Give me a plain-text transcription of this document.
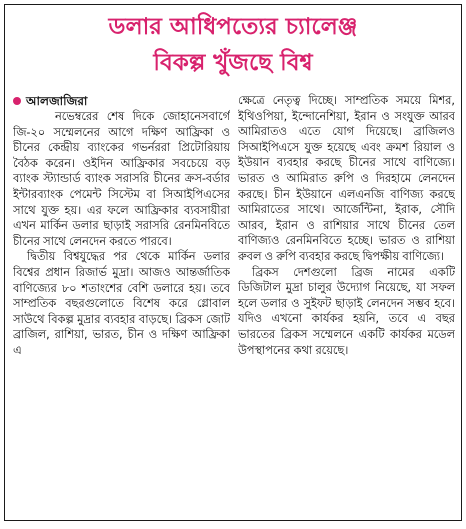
ডলার আধিপত্যের চ্যালেঞ্জ
বিকল্প খুঁজছে বিশ্ব
আলজাজিরা

নভেম্বরের শেষ দিকে জোহানেসবার্গে জি-২০ সম্মেলনের আগে দক্ষিণ আফ্রিকা ও চীনের কেন্দ্রীয় ব্যাংকের গভর্নররা প্রিটোরিয়ায় বৈঠক করেন। ওইদিন আফ্রিকার সবচেয়ে বড় ব্যাংক স্ট্যান্ডার্ড ব্যাংক সরাসরি চীনের ক্রস-বর্ডার ইন্টারব্যাংক পেমেন্ট সিস্টেম বা সিআইপিএসের সাথে যুক্ত হয়। এর ফলে আফ্রিকার ব্যবসায়ীরা এখন মার্কিন ডলার ছাড়াই সরাসরি রেনমিনবিতে চীনের সাথে লেনদেন করতে পারবে।

দ্বিতীয় বিশ্বযুদ্ধের পর থেকে মার্কিন ডলার বিশ্বের প্রধান রিজার্ভ মুদ্রা। আজও আন্তর্জাতিক বাণিজ্যের ৮০ শতাংশের বেশি ডলারে হয়। তবে সাম্প্রতিক বছরগুলোতে বিশেষ করে গ্লোবাল সাউথে বিকল্প মুদ্রার ব্যবহার বাড়ছে। ব্রিকস জোট ব্রাজিল, রাশিয়া, ভারত, চীন ও দক্ষিণ আফ্রিকা এ

ক্ষেত্রে নেতৃত্ব দিচ্ছে। সাম্প্রতিক সময়ে মিশর, ইথিওপিয়া, ইন্দোনেশিয়া, ইরান ও সংযুক্ত আরব আমিরাতও এতে যোগ দিয়েছে। ব্রাজিলও সিআইপিএসে যুক্ত হয়েছে এবং ক্রমশ রিয়াল ও ইউয়ান ব্যবহার করছে চীনের সাথে বাণিজ্যে। ভারত ও আমিরাত রুপি ও দিরহামে লেনদেন করছে। চীন ইউয়ানে এলএনজি বাণিজ্য করছে আমিরাতের সাথে। আর্জেন্টিনা, ইরাক, সৌদি আরব, ইরান ও রাশিয়ার সাথে চীনের তেল বাণিজ্যও রেনমিনবিতে হচ্ছে। ভারত ও রাশিয়া রুবল ও রুপি ব্যবহার করছে দ্বিপক্ষীয় বাণিজ্যে।

ব্রিকস দেশগুলো ব্রিজ নামের একটি ডিজিটাল মুদ্রা চালুর উদ্যোগ নিয়েছে, যা সফল হলে ডলার ও সুইফট ছাড়াই লেনদেন সম্ভব হবে। যদিও এখনো কার্যকর হয়নি, তবে এ বছর ভারতের ব্রিকস সম্মেলনে একটি কার্যকর মডেল উপস্থাপনের কথা রয়েছে।
